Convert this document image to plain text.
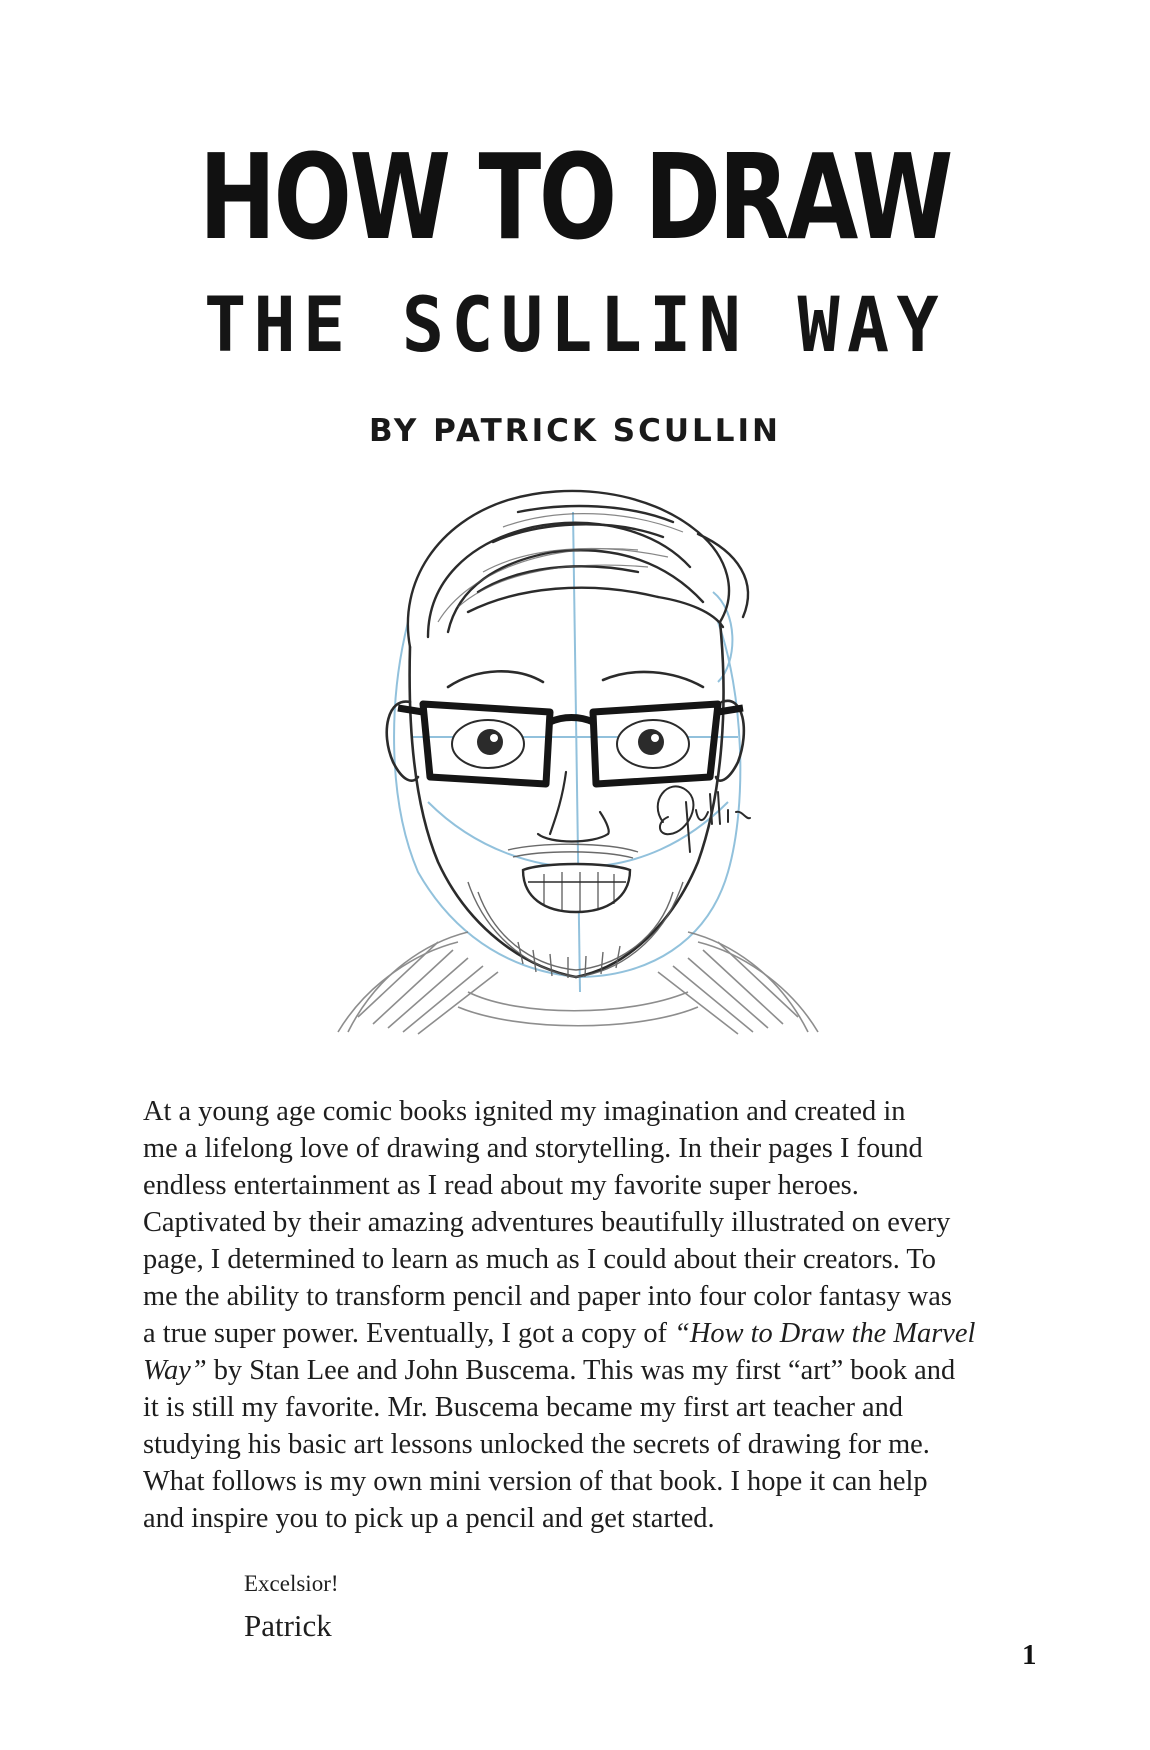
HOW TO DRAW
THE SCULLIN WAY
BY PATRICK SCULLIN
At a young age comic books ignited my imagination and created in
me a lifelong love of drawing and storytelling. In their pages I found
endless entertainment as I read about my favorite super heroes.
Captivated by their amazing adventures beautifully illustrated on every
page, I determined to learn as much as I could about their creators. To
me the ability to transform pencil and paper into four color fantasy was
a true super power. Eventually, I got a copy of “How to Draw the Marvel
Way” by Stan Lee and John Buscema. This was my first “art” book and
it is still my favorite. Mr. Buscema became my first art teacher and
studying his basic art lessons unlocked the secrets of drawing for me.
What follows is my own mini version of that book. I hope it can help
and inspire you to pick up a pencil and get started.
Excelsior!
Patrick
1
